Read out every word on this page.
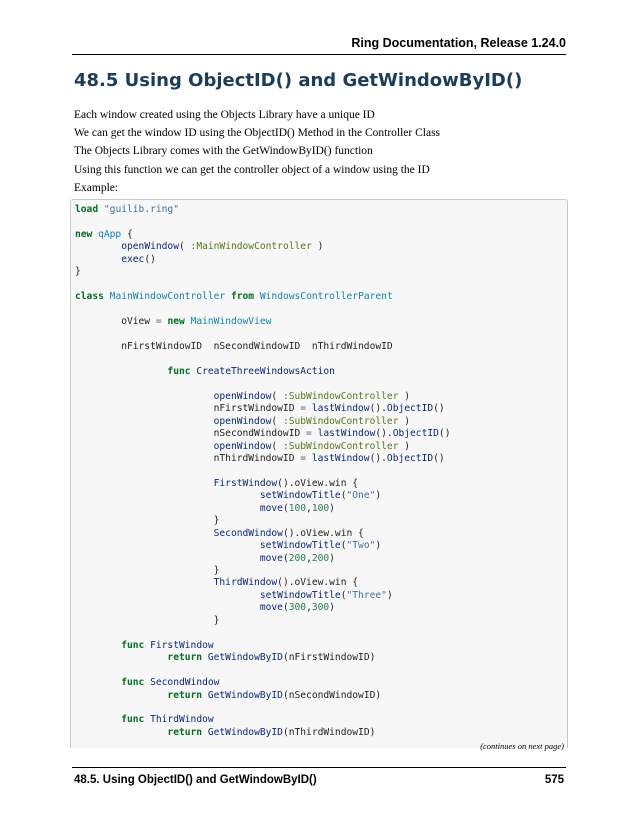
Ring Documentation, Release 1.24.0
48.5 Using ObjectID() and GetWindowByID()

Each window created using the Objects Library have a unique ID

We can get the window ID using the ObjectID() Method in the Controller Class

The Objects Library comes with the GetWindowByID() function

Using this function we can get the controller object of a window using the ID

Example:

load "guilib.ring"
new qApp {
openWindow( :MainWindowController )
exec()
}
class MainWindowController from WindowsControllerParent
oView = new MainWindowView
nFirstWindowID  nSecondWindowID  nThirdWindowID
func CreateThreeWindowsAction
openWindow( :SubWindowController )
nFirstWindowID = lastWindow().ObjectID()
openWindow( :SubWindowController )
nSecondWindowID = lastWindow().ObjectID()
openWindow( :SubWindowController )
nThirdWindowID = lastWindow().ObjectID()
FirstWindow().oView.win {
setWindowTitle("One")
move(100,100)
}
SecondWindow().oView.win {
setWindowTitle("Two")
move(200,200)
}
ThirdWindow().oView.win {
setWindowTitle("Three")
move(300,300)
}
func FirstWindow
return GetWindowByID(nFirstWindowID)
func SecondWindow
return GetWindowByID(nSecondWindowID)
func ThirdWindow
return GetWindowByID(nThirdWindowID)
(continues on next page)
48.5. Using ObjectID() and GetWindowByID()	575
